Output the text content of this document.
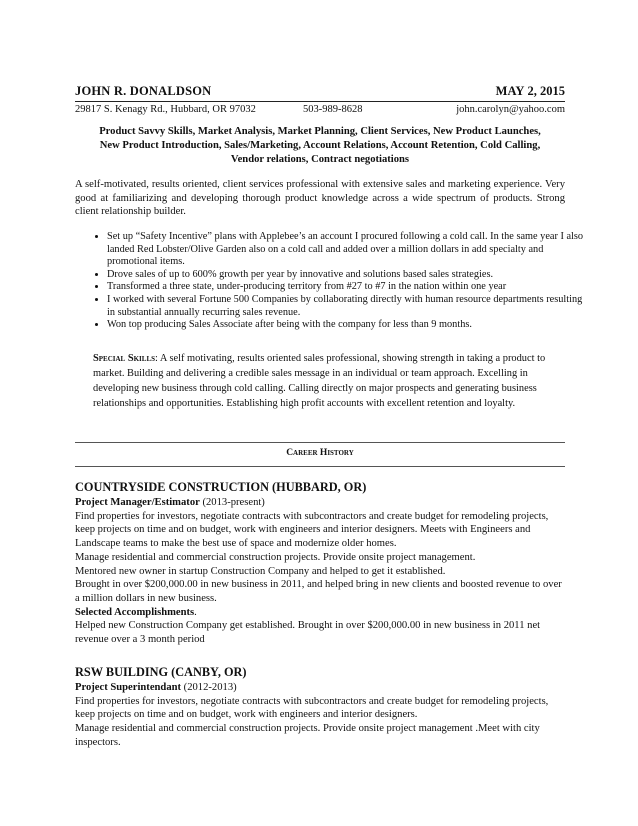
JOHN R. DONALDSON	MAY 2, 2015
29817 S. Kenagy Rd., Hubbard, OR 97032	503-989-8628	john.carolyn@yahoo.com
Product Savvy Skills, Market Analysis, Market Planning, Client Services, New Product Launches,
New Product Introduction, Sales/Marketing, Account Relations, Account Retention, Cold Calling,
Vendor relations, Contract negotiations
A self-motivated, results oriented, client services professional with extensive sales and marketing experience. Very good at familiarizing and developing thorough product knowledge across a wide spectrum of products. Strong client relationship builder.
• Set up “Safety Incentive” plans with Applebee’s an account I procured following a cold call. In the same year I also landed Red Lobster/Olive Garden also on a cold call and added over a million dollars in add specialty and promotional items.
• Drove sales of up to 600% growth per year by innovative and solutions based sales strategies.
• Transformed a three state, under-producing territory from #27 to #7 in the nation within one year
• I worked with several Fortune 500 Companies by collaborating directly with human resource departments resulting in substantial annually recurring sales revenue.
• Won top producing Sales Associate after being with the company for less than 9 months.
Special Skills: A self motivating, results oriented sales professional, showing strength in taking a product to market. Building and delivering a credible sales message in an individual or team approach. Excelling in developing new business through cold calling. Calling directly on major prospects and generating business relationships and opportunities. Establishing high profit accounts with excellent retention and loyalty.
Career History
COUNTRYSIDE CONSTRUCTION (HUBBARD, OR)

Project Manager/Estimator (2013-present)

Find properties for investors, negotiate contracts with subcontractors and create budget for remodeling projects, keep projects on time and on budget, work with engineers and interior designers. Meets with Engineers and Landscape teams to make the best use of space and modernize older homes.

Manage residential and commercial construction projects. Provide onsite project management.

Mentored new owner in startup Construction Company and helped to get it established.

Brought in over $200,000.00 in new business in 2011, and helped bring in new clients and boosted revenue to over a million dollars in new business.

Selected Accomplishments.

Helped new Construction Company get established. Brought in over $200,000.00 in new business in 2011 net revenue over a 3 month period

RSW BUILDING (CANBY, OR)

Project Superintendant (2012-2013)

Find properties for investors, negotiate contracts with subcontractors and create budget for remodeling projects, keep projects on time and on budget, work with engineers and interior designers.

Manage residential and commercial construction projects. Provide onsite project management .Meet with city inspectors.
